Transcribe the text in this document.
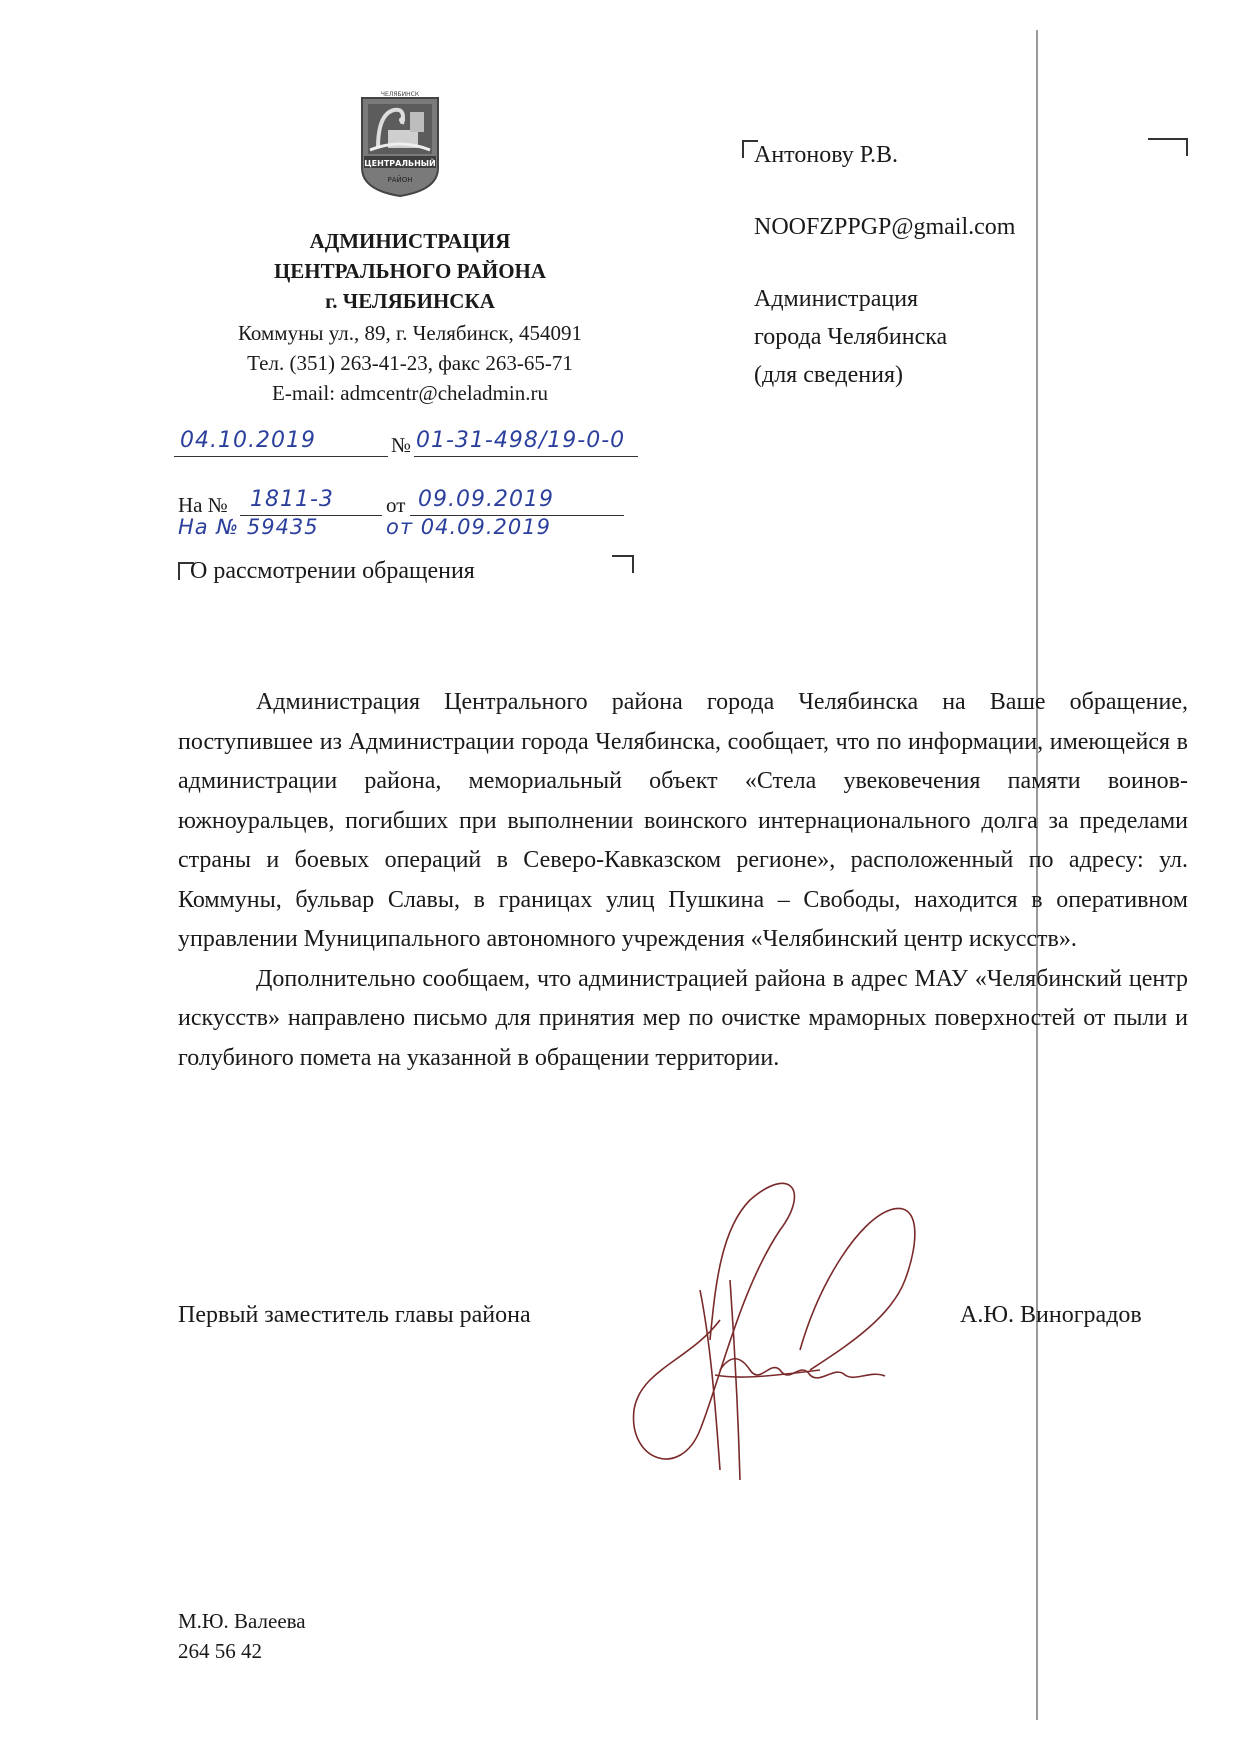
ЦЕНТРАЛЬНЫЙ
РАЙОН
ЧЕЛЯБИНСК
АДМИНИСТРАЦИЯ
ЦЕНТРАЛЬНОГО РАЙОНА
г. ЧЕЛЯБИНСКА
Коммуны ул., 89, г. Челябинск, 454091
Тел. (351) 263-41-23, факс 263-65-71
E-mail: admcentr@cheladmin.ru
04.10.2019	№ 01-31-498/19-0-0
На № 1811-3 от 09.09.2019
На № 59435	от 04.09.2019
О рассмотрении обращения
Антонову Р.В.
NOOFZPPGP@gmail.com
Администрация
города Челябинска
(для сведения)

Администрация Центрального района города Челябинска на Ваше обращение, поступившее из Администрации города Челябинска, сообщает, что по информации, имеющейся в администрации района, мемориальный объект «Стела увековечения памяти воинов-южноуральцев, погибших при выполнении воинского интернационального долга за пределами страны и боевых операций в Северо-Кавказском регионе», расположенный по адресу: ул. Коммуны, бульвар Славы, в границах улиц Пушкина – Свободы, находится в оперативном управлении Муниципального автономного учреждения «Челябинский центр искусств».

Дополнительно сообщаем, что администрацией района в адрес МАУ «Челябинский центр искусств» направлено письмо для принятия мер по очистке мраморных поверхностей от пыли и голубиного помета на указанной в обращении территории.

Первый заместитель главы района	А.Ю. Виноградов
М.Ю. Валеева
264 56 42
